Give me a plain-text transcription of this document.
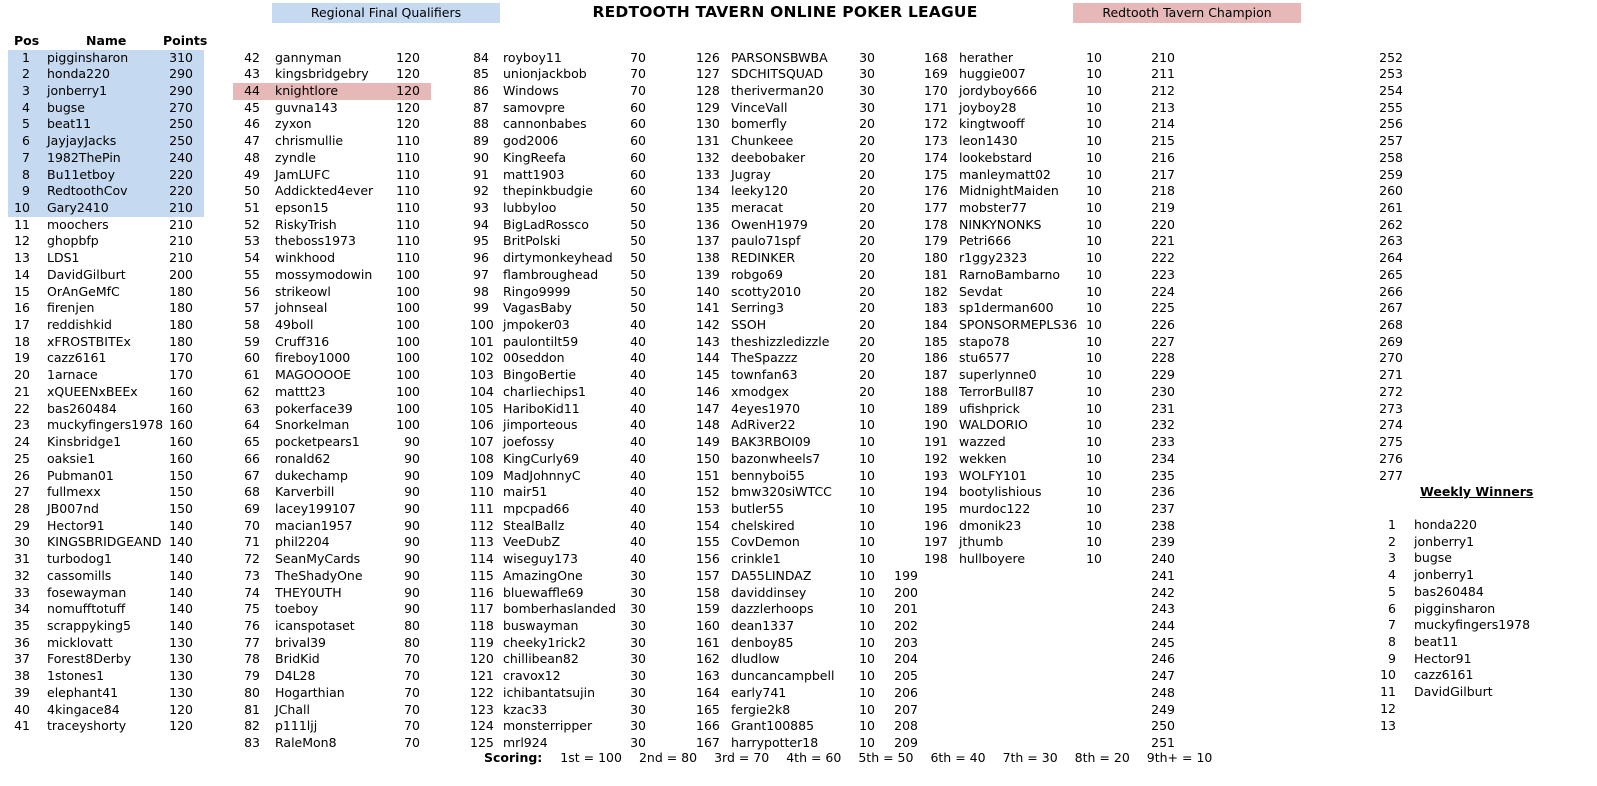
Regional Final Qualifiers	REDTOOTH TAVERN ONLINE POKER LEAGUE	Redtooth Tavern Champion
Pos	Name	Points
1 pigginsharon	310
2 honda220	290
3 jonberry1	290
4 bugse	270
5 beat11	250
6 JayjayJacks	250
7 1982ThePin	240
8 Bu11etboy	220
9 RedtoothCov	220
10 Gary2410	210
11 moochers	210
12 ghopbfp	210
13 LDS1	210
14 DavidGilburt	200
15 OrAnGeMfC	180
16 firenjen	180
17 reddishkid	180
18 xFROSTBITEx	180
19 cazz6161	170
20 1arnace	170
21 xQUEENxBEEx	160
22 bas260484	160
23 muckyfingers1978 160
24 Kinsbridge1	160
25 oaksie1	160
26 Pubman01	150
27 fullmexx	150
28 JB007nd	150
29 Hector91	140
30 KINGSBRIDGEAND 140
31 turbodog1	140
32 cassomills	140
33 fosewayman	140
34 nomufftotuff	140
35 scrappyking5	140
36 micklovatt	130
37 Forest8Derby	130
38 1stones1	130
39 elephant41	130
40 4kingace84	120
41 traceyshorty	120
42 gannyman	120
43 kingsbridgebry 120
44 knightlore	120
45 guvna143	120
46 zyxon	120
47 chrismullie	110
48 zyndle	110
49 JamLUFC	110
50 Addickted4ever 110
51 epson15	110
52 RiskyTrish	110
53 theboss1973	110
54 winkhood	110
55 mossymodowin 100
56 strikeowl	100
57 johnseal	100
58 49boll	100
59 Cruff316	100
60 fireboy1000	100
61 MAGOOOOE	100
62 mattt23	100
63 pokerface39	100
64 Snorkelman	100
65 pocketpears1	90
66 ronald62	90
67 dukechamp	90
68 Karverbill	90
69 lacey199107	90
70 macian1957	90
71 phil2204	90
72 SeanMyCards	90
73 TheShadyOne	90
74 THEY0UTH	90
75 toeboy	90
76 icanspotaset	80
77 brival39	80
78 BridKid	70
79 D4L28	70
80 Hogarthian	70
81 JChall	70
82 p111ljj	70
83 RaleMon8	70
84 royboy11	70
85 unionjackbob	70
86 Windows	70
87 samovpre	60
88 cannonbabes	60
89 god2006	60
90 KingReefa	60
91 matt1903	60
92 thepinkbudgie	60
93 lubbyloo	50
94 BigLadRossco	50
95 BritPolski	50
96 dirtymonkeyhead	50
97 flambroughead	50
98 Ringo9999	50
99 VagasBaby	50
100 jmpoker03	40
101 paulontilt59	40
102 00seddon	40
103 BingoBertie	40
104 charliechips1	40
105 HariboKid11	40
106 jimporteous	40
107 joefossy	40
108 KingCurly69	40
109 MadJohnnyC	40
110 mair51	40
111 mpcpad66	40
112 StealBallz	40
113 VeeDubZ	40
114 wiseguy173	40
115 AmazingOne	30
116 bluewaffle69	30
117 bomberhaslanded	30
118 buswayman	30
119 cheeky1rick2	30
120 chillibean82	30
121 cravox12	30
122 ichibantatsujin	30
123 kzac33	30
124 monsterripper	30
125 mrl924	30
126 PARSONSBWBA	30
127 SDCHITSQUAD	30
128 theriverman20	30
129 VinceVall	30
130 bomerfly	20
131 Chunkeee	20
132 deebobaker	20
133 Jugray	20
134 leeky120	20
135 meracat	20
136 OwenH1979	20
137 paulo71spf	20
138 REDINKER	20
139 robgo69	20
140 scotty2010	20
141 Serring3	20
142 SSOH	20
143 theshizzledizzle	20
144 TheSpazzz	20
145 townfan63	20
146 xmodgex	20
147 4eyes1970	10
148 AdRiver22	10
149 BAK3RBOI09	10
150 bazonwheels7	10
151 bennyboi55	10
152 bmw320siWTCC	10
153 butler55	10
154 chelskired	10
155 CovDemon	10
156 crinkle1	10
157 DA55LINDAZ	10
158 daviddinsey	10
159 dazzlerhoops	10
160 dean1337	10
161 denboy85	10
162 dludlow	10
163 duncancampbell	10
164 early741	10
165 fergie2k8	10
166 Grant100885	10
167 harrypotter18	10
168 herather	10
169 huggie007	10
170 jordyboy666	10
171 joyboy28	10
172 kingtwooff	10
173 leon1430	10
174 lookebstard	10
175 manleymatt02	10
176 MidnightMaiden	10
177 mobster77	10
178 NINKYNONKS	10
179 Petri666	10
180 r1ggy2323	10
181 RarnoBambarno	10
182 Sevdat	10
183 sp1derman600	10
184 SPONSORMEPLS36 10
185 stapo78	10
186 stu6577	10
187 superlynne0	10
188 TerrorBull87	10
189 ufishprick	10
190 WALDORIO	10
191 wazzed	10
192 wekken	10
193 WOLFY101	10
194 bootylishious	10
195 murdoc122	10
196 dmonik23	10
197 jthumb	10
198 hullboyere	10
199
200
201
202
203
204
205
206
207
208
209
210
211
212
213
214
215
216
217
218
219
220
221
222
223
224
225
226
227
228
229
230
231
232
233
234
235
236
237
238
239
240
241
242
243
244
245
246
247
248
249
250
251
252
253
254
255
256
257
258
259
260
261
262
263
264
265
266
267
268
269
270
271
272
273
274
275
276
277
Weekly Winners
1 honda220
2 jonberry1
3 bugse
4 jonberry1
5 bas260484
6 pigginsharon
7 muckyfingers1978
8 beat11
9 Hector91
10 cazz6161
11 DavidGilburt
12
13
Scoring: 1st = 100 2nd = 80 3rd = 70 4th = 60 5th = 50 6th = 40 7th = 30 8th = 20 9th+ = 10
